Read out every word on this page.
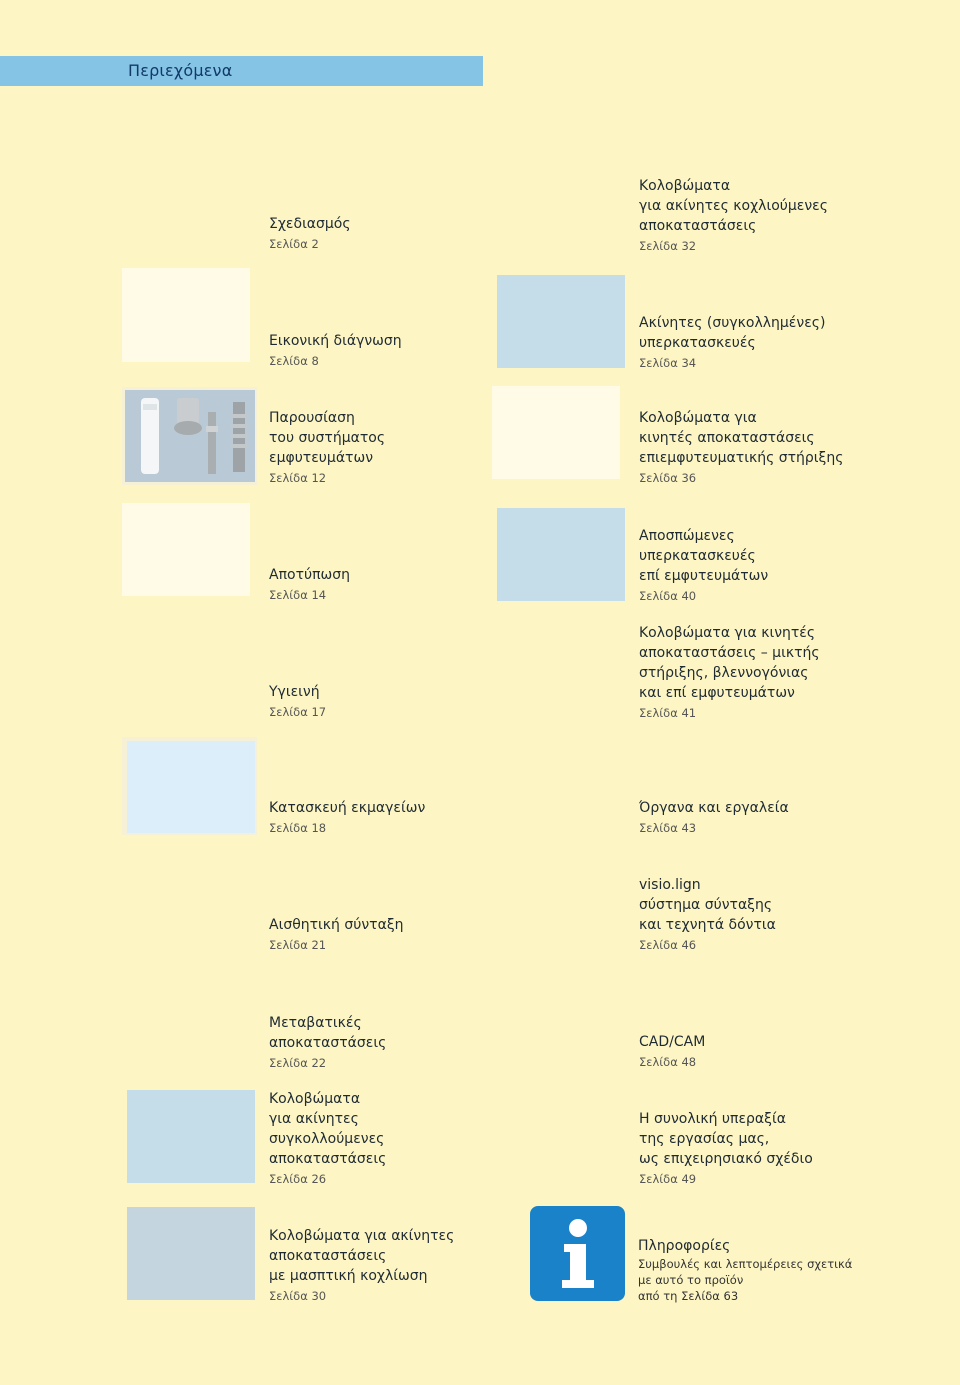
Περιεχόμενα
Σχεδιασμός
Σελίδα 2
Εικονική διάγνωση
Σελίδα 8
Παρουσίαση
του συστήματος
εμφυτευμάτων
Σελίδα 12
Αποτύπωση
Σελίδα 14
Υγιεινή
Σελίδα 17
Κατασκευή εκμαγείων
Σελίδα 18
Αισθητική σύνταξη
Σελίδα 21
Μεταβατικές
αποκαταστάσεις
Σελίδα 22
Κολοβώματα
για ακίνητες
συγκολλούμενες
αποκαταστάσεις
Σελίδα 26
Κολοβώματα για ακίνητες
αποκαταστάσεις
με μασπτική κοχλίωση
Σελίδα 30
Κολοβώματα
για ακίνητες κοχλιούμενες
αποκαταστάσεις
Σελίδα 32
Ακίνητες (συγκολλημένες)
υπερκατασκευές
Σελίδα 34
Κολοβώματα για
κινητές αποκαταστάσεις
επιεμφυτευματικής στήριξης
Σελίδα 36
Αποσπώμενες
υπερκατασκευές
επί εμφυτευμάτων
Σελίδα 40
Κολοβώματα για κινητές
αποκαταστάσεις – μικτής
στήριξης, βλεννογόνιας
και επί εμφυτευμάτων
Σελίδα 41
Όργανα και εργαλεία
Σελίδα 43
visio.lign
σύστημα σύνταξης
και τεχνητά δόντια
Σελίδα 46
CAD/CAM
Σελίδα 48
Η συνολική υπεραξία
της εργασίας μας,
ως επιχειρησιακό σχέδιο
Σελίδα 49
Πληροφορίες
Συμβουλές και λεπτομέρειες σχετικά
με αυτό το προϊόν
από τη Σελίδα 63
